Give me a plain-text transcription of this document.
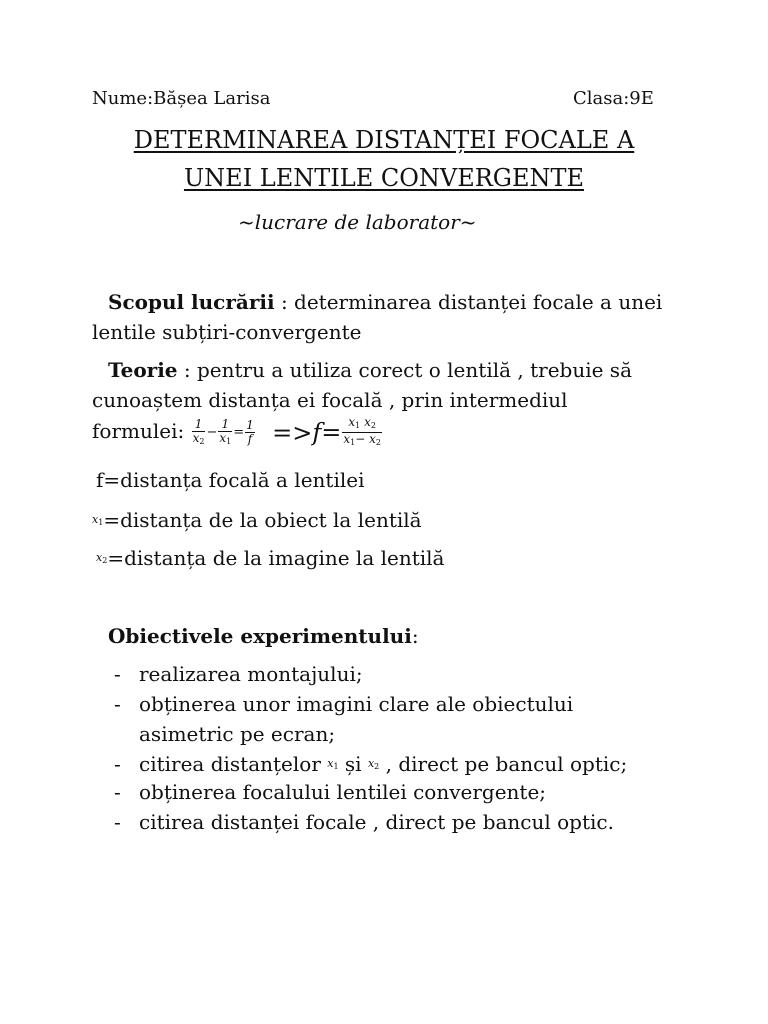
Nume:Bășea Larisa	Clasa:9E
DETERMINAREA DISTANȚEI FOCALE A
UNEI LENTILE CONVERGENTE
~lucrare de laborator~
Scopul lucrării : determinarea distanței focale a unei
lentile subțiri-convergente
Teorie : pentru a utiliza corect o lentilă , trebuie să
cunoaștem distanța ei focală , prin intermediul
formulei: $\frac{1}{x_2} - \frac{1}{x_1} = \frac{1}{f} =>f= \frac{x_1 x_2}{x_1- x_2}$
f=distanța focală a lentilei
$^{x_1}$=distanța de la obiect la lentilă
$^{x_2}$=distanța de la imagine la lentilă
Obiectivele experimentului:
- realizarea montajului;
- obținerea unor imagini clare ale obiectului
asimetric pe ecran;
- citirea distanțelor $^{x_1}$ și $^{x_2}$ , direct pe bancul optic;
- obținerea focalului lentilei convergente;
- citirea distanței focale , direct pe bancul optic.
